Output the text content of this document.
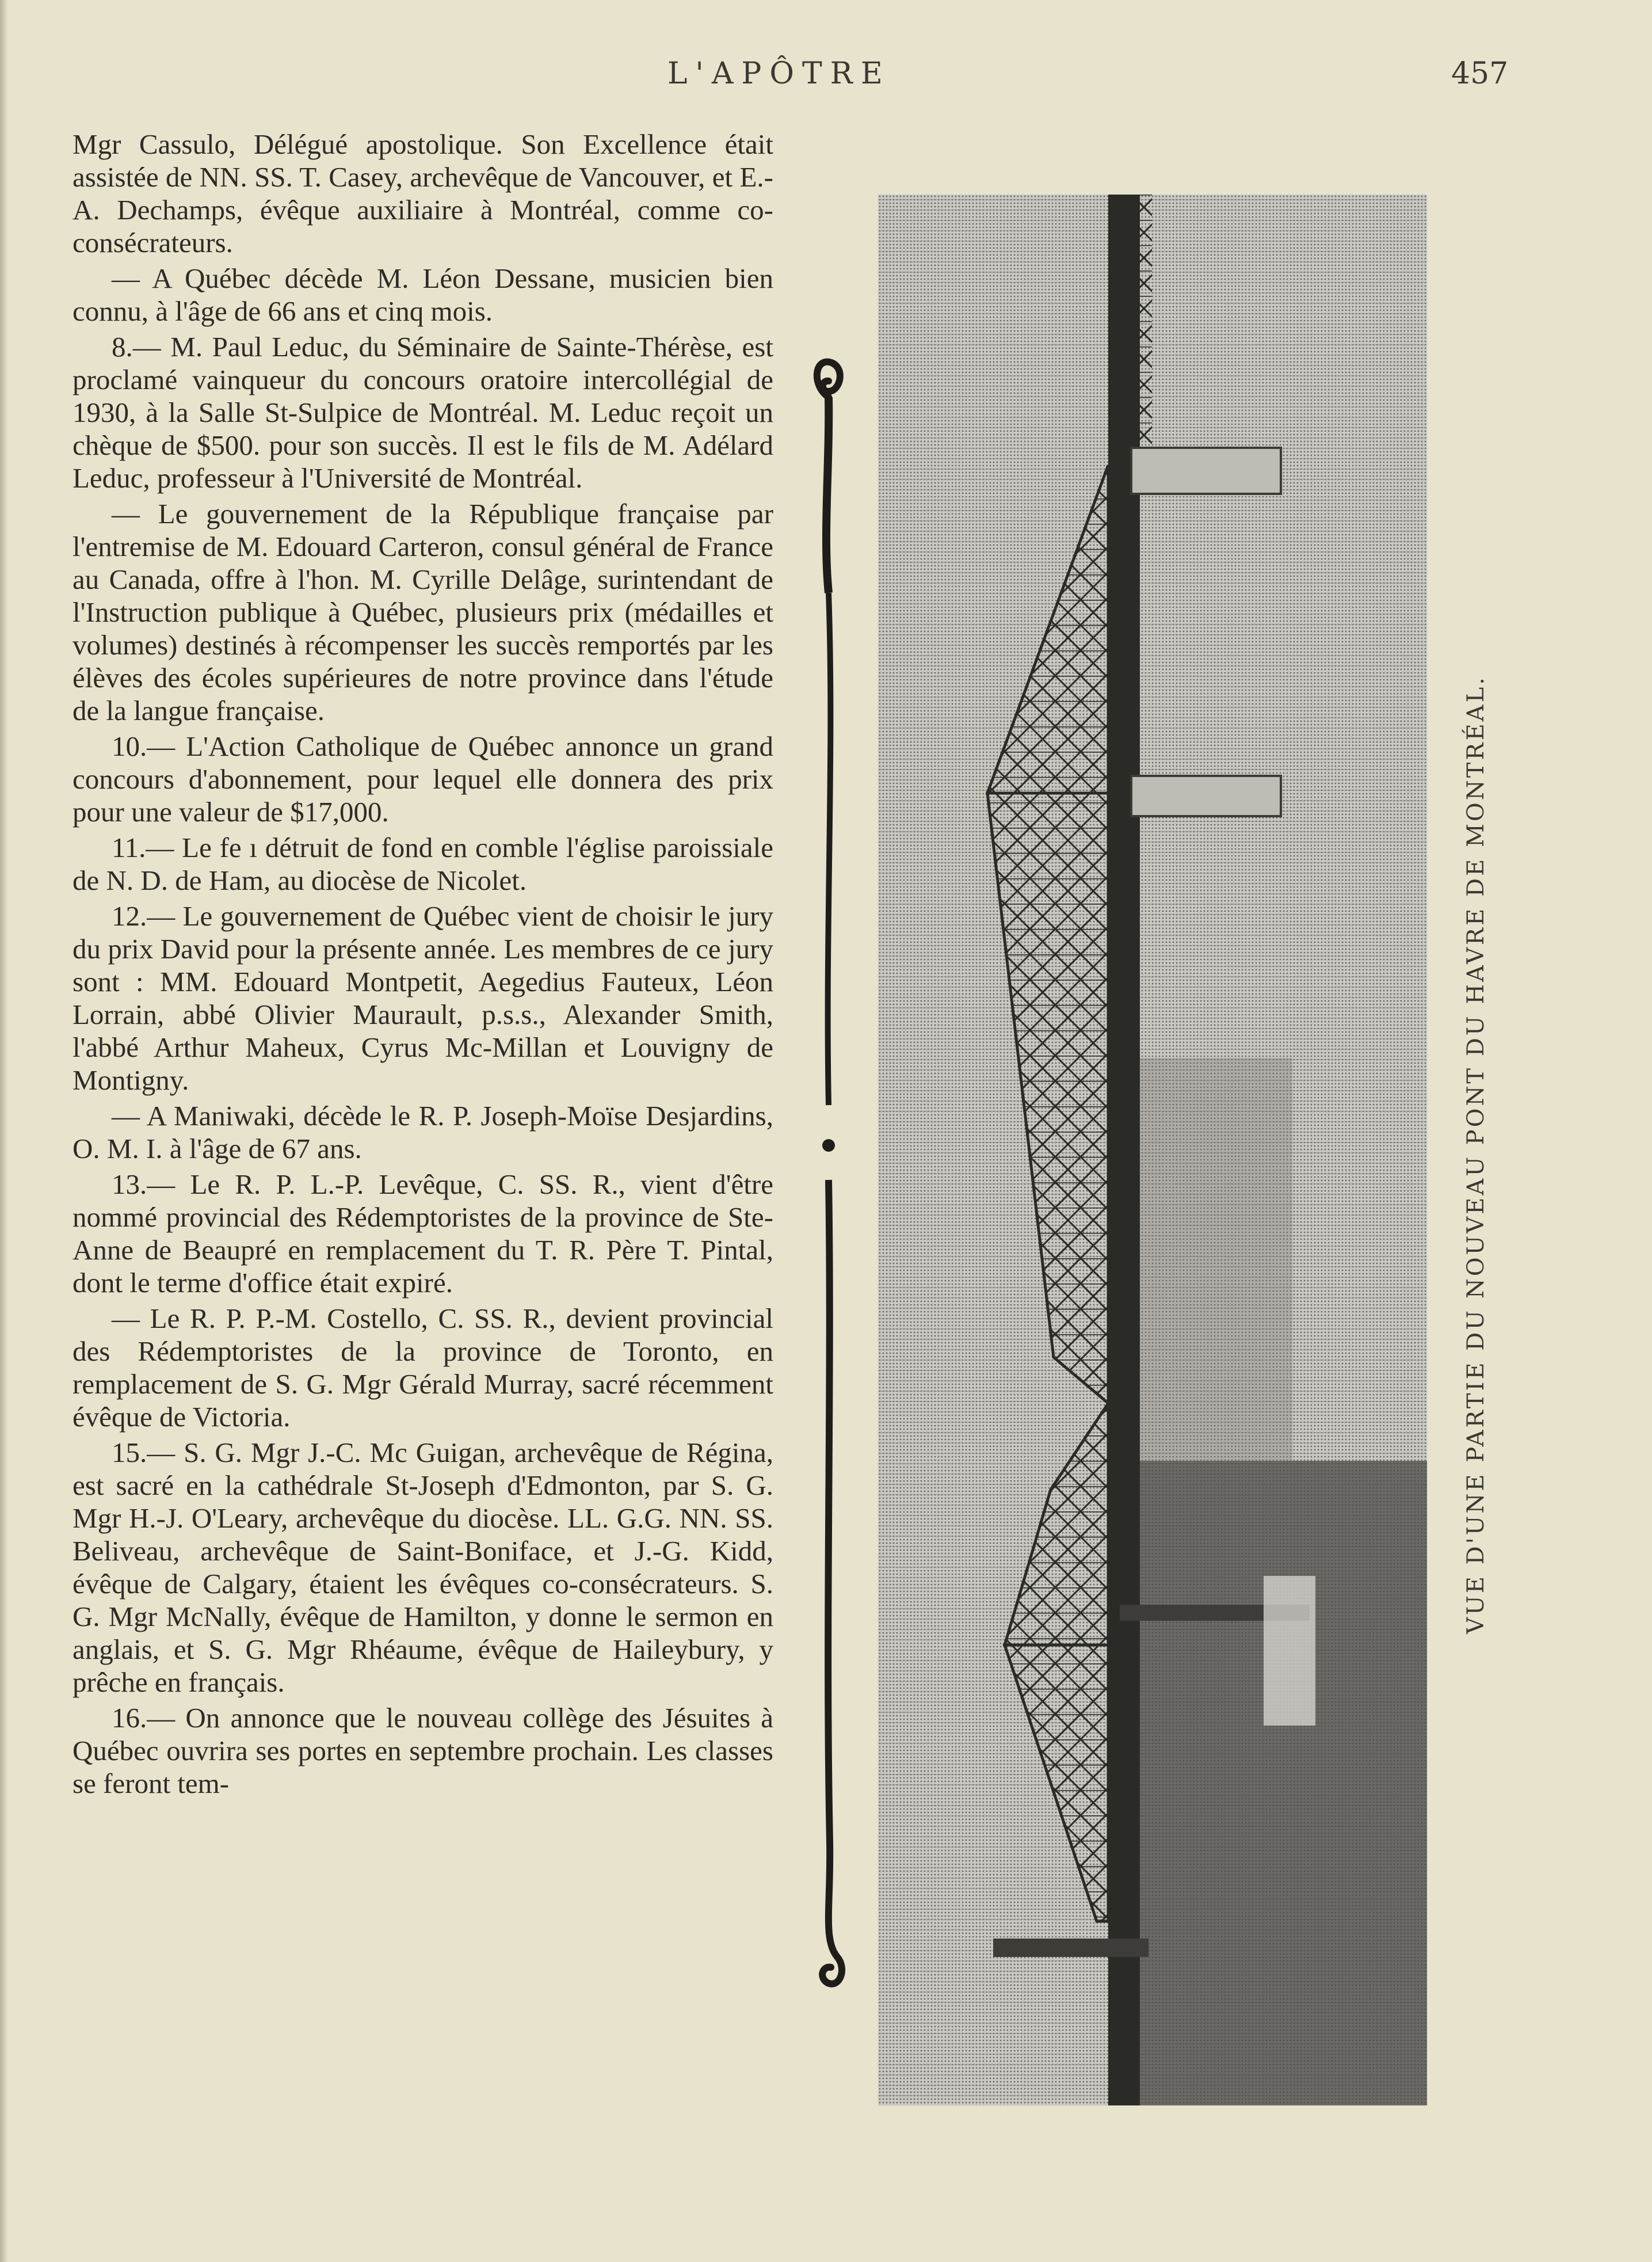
L'APÔTRE	457

Mgr Cassulo, Délégué apostolique. Son Excellence était assistée de NN. SS. T. Casey, archevêque de Vancouver, et E.-A. Dechamps, évêque auxiliaire à Montréal, comme co-consécrateurs.

— A Québec décède M. Léon Dessane, musicien bien connu, à l'âge de 66 ans et cinq mois.

8.— M. Paul Leduc, du Séminaire de Sainte-Thérèse, est proclamé vainqueur du concours oratoire intercollégial de 1930, à la Salle St-Sulpice de Montréal. M. Leduc reçoit un chèque de $500. pour son succès. Il est le fils de M. Adélard Leduc, professeur à l'Université de Montréal.

— Le gouvernement de la République française par l'entremise de M. Edouard Carteron, consul général de France au Canada, offre à l'hon. M. Cyrille Delâge, surintendant de l'Instruction publique à Québec, plusieurs prix (médailles et volumes) destinés à récompenser les succès remportés par les élèves des écoles supérieures de notre province dans l'étude de la langue française.

10.— L'Action Catholique de Québec annonce un grand concours d'abonnement, pour lequel elle donnera des prix pour une valeur de $17,000.

11.— Le fe ı détruit de fond en comble l'église paroissiale de N. D. de Ham, au diocèse de Nicolet.

12.— Le gouvernement de Québec vient de choisir le jury du prix David pour la présente année. Les membres de ce jury sont : MM. Edouard Montpetit, Aegedius Fauteux, Léon Lorrain, abbé Olivier Maurault, p.s.s., Alexander Smith, l'abbé Arthur Maheux, Cyrus Mc-Millan et Louvigny de Montigny.

— A Maniwaki, décède le R. P. Joseph-Moïse Desjardins, O. M. I. à l'âge de 67 ans.

13.— Le R. P. L.-P. Levêque, C. SS. R., vient d'être nommé provincial des Rédemptoristes de la province de Ste-Anne de Beaupré en remplacement du T. R. Père T. Pintal, dont le terme d'office était expiré.

— Le R. P. P.-M. Costello, C. SS. R., devient provincial des Rédemptoristes de la province de Toronto, en remplacement de S. G. Mgr Gérald Murray, sacré récemment évêque de Victoria.

15.— S. G. Mgr J.-C. Mc Guigan, archevêque de Régina, est sacré en la cathédrale St-Joseph d'Edmonton, par S. G. Mgr H.-J. O'Leary, archevêque du diocèse. LL. G.G. NN. SS. Beliveau, archevêque de Saint-Boniface, et J.-G. Kidd, évêque de Calgary, étaient les évêques co-consécrateurs. S. G. Mgr McNally, évêque de Hamilton, y donne le sermon en anglais, et S. G. Mgr Rhéaume, évêque de Haileybury, y prêche en français.

16.— On annonce que le nouveau collège des Jésuites à Québec ouvrira ses portes en septembre prochain. Les classes se feront tem-

VUE D'UNE PARTIE DU NOUVEAU PONT DU HAVRE DE MONTRÉAL.
